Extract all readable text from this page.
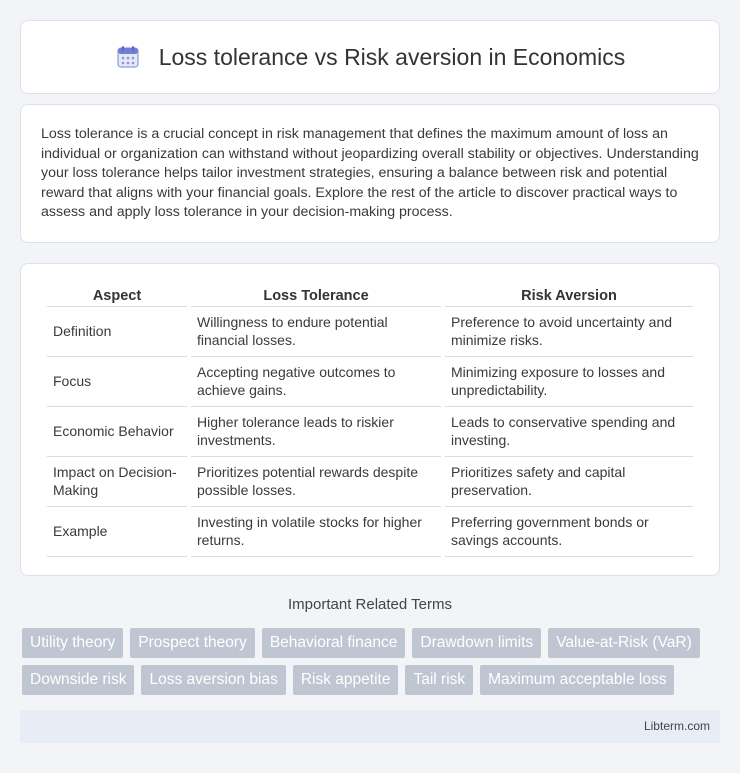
Loss tolerance vs Risk aversion in Economics

Loss tolerance is a crucial concept in risk management that defines the maximum amount of loss an individual or organization can withstand without jeopardizing overall stability or objectives. Understanding your loss tolerance helps tailor investment strategies, ensuring a balance between risk and potential reward that aligns with your financial goals. Explore the rest of the article to discover practical ways to assess and apply loss tolerance in your decision-making process.

Aspect	Loss Tolerance	Risk Aversion
Definition	Willingness to endure potential financial losses.	Preference to avoid uncertainty and minimize risks.
Focus	Accepting negative outcomes to achieve gains.	Minimizing exposure to losses and unpredictability.
Economic Behavior	Higher tolerance leads to riskier investments.	Leads to conservative spending and investing.
Impact on Decision-Making	Prioritizes potential rewards despite possible losses.	Prioritizes safety and capital preservation.
Example	Investing in volatile stocks for higher returns.	Preferring government bonds or savings accounts.
Important Related Terms
Utility theory	Prospect theory	Behavioral finance	Drawdown limits	Value-at-Risk (VaR)
Downside risk	Loss aversion bias	Risk appetite	Tail risk	Maximum acceptable loss
Libterm.com
